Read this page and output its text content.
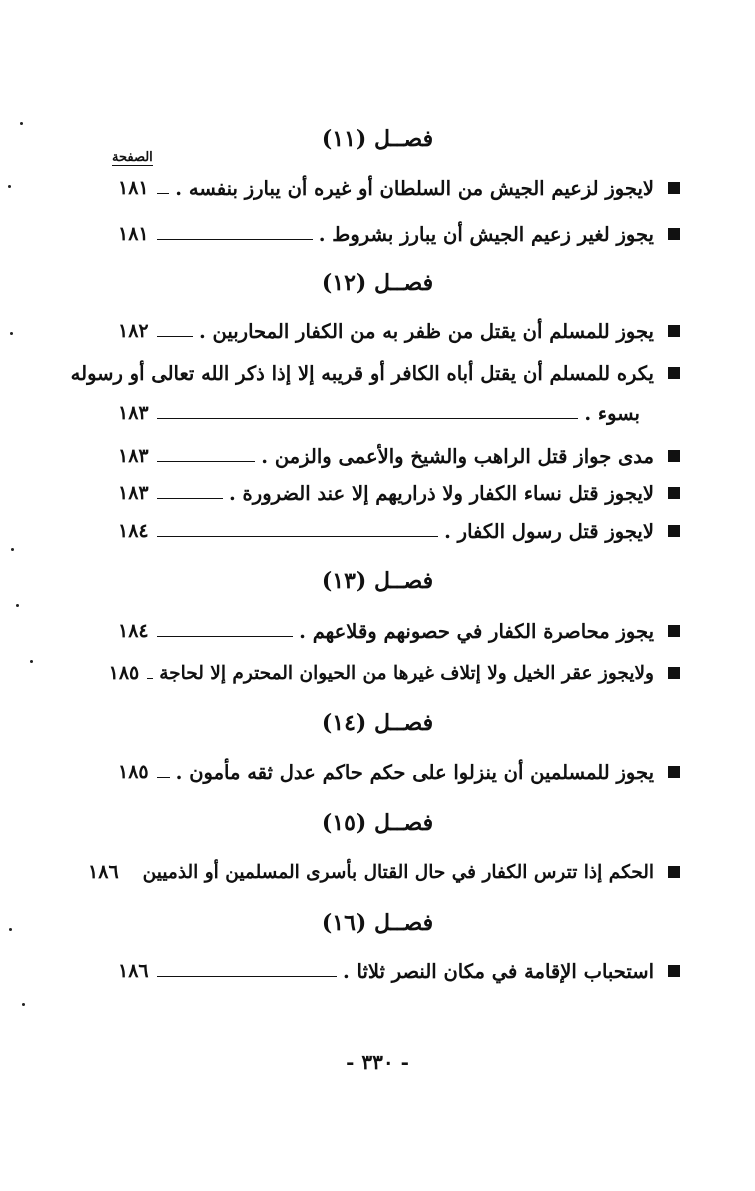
فصــل (١١)
الصفحة
لايجوز لزعيم الجيش من السلطان أو غيره أن يبارز بنفسه .
١٨١
يجوز لغير زعيم الجيش أن يبارز بشروط .
١٨١
فصــل (١٢)
يجوز للمسلم أن يقتل من ظفر به من الكفار المحاربين .
١٨٢
يكره للمسلم أن يقتل أباه الكافر أو قريبه إلا إذا ذكر الله تعالى أو رسوله
بسوء .
١٨٣
مدى جواز قتل الراهب والشيخ والأعمى والزمن .
١٨٣
لايجوز قتل نساء الكفار ولا ذراريهم إلا عند الضرورة .
١٨٣
لايجوز قتل رسول الكفار .
١٨٤
فصــل (١٣)
يجوز محاصرة الكفار في حصونهم وقلاعهم .
١٨٤
ولايجوز عقر الخيل ولا إتلاف غيرها من الحيوان المحترم إلا لحاجة
١٨٥
فصــل (١٤)
يجوز للمسلمين أن ينزلوا على حكم حاكم عدل ثقه مأمون .
١٨٥
فصــل (١٥)
الحكم إذا تترس الكفار في حال القتال بأسرى المسلمين أو الذميين
١٨٦
فصــل (١٦)
استحباب الإقامة في مكان النصر ثلاثا .
١٨٦
- ٣٣٠ -
